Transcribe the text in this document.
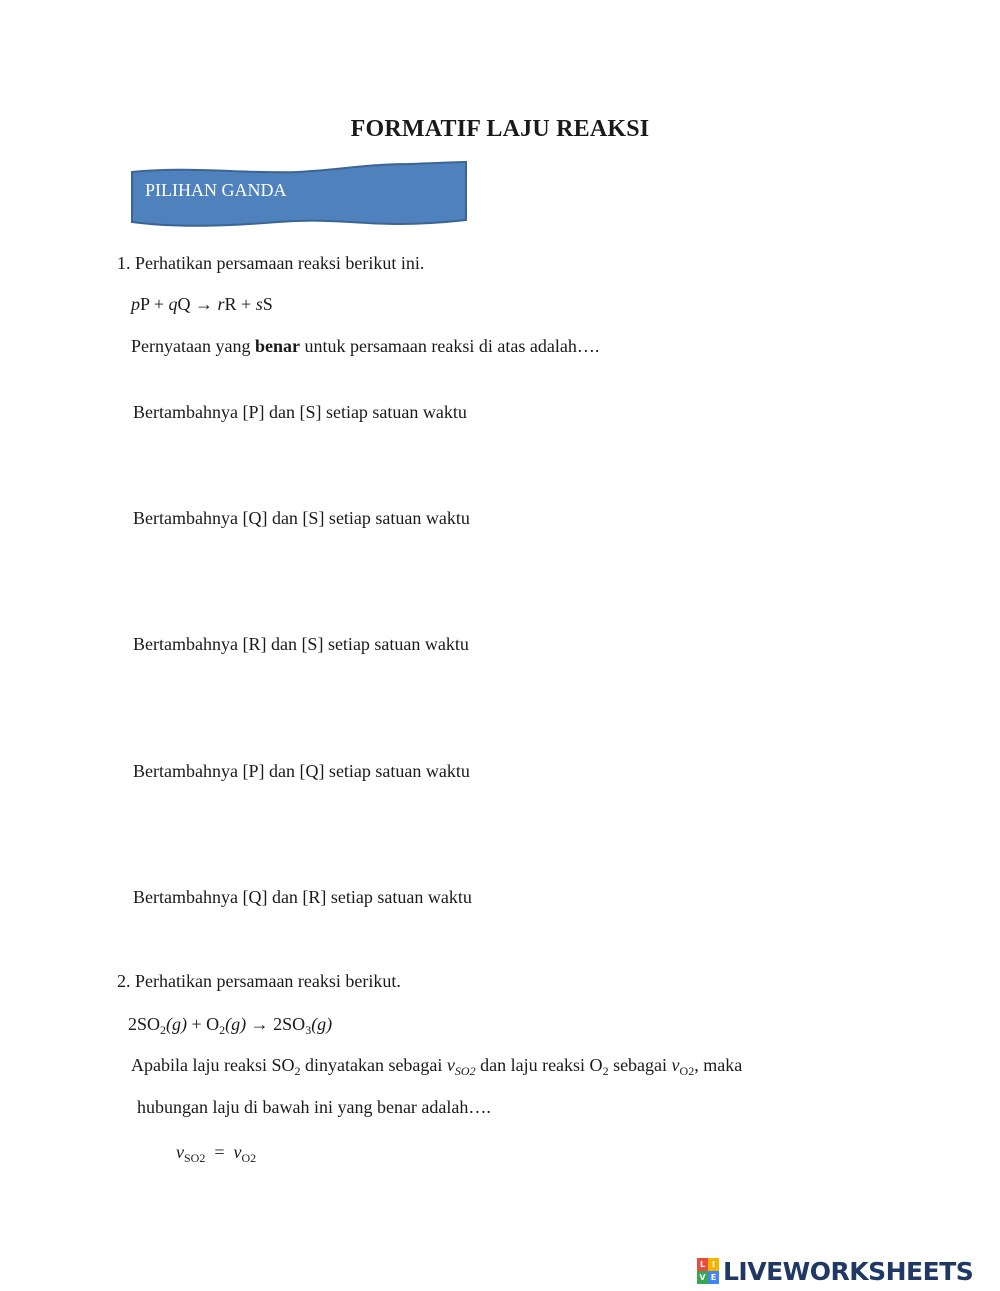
FORMATIF LAJU REAKSI
PILIHAN GANDA
1. Perhatikan persamaan reaksi berikut ini.
pP + qQ → rR + sS
Pernyataan yang benar untuk persamaan reaksi di atas adalah….
Bertambahnya [P] dan [S] setiap satuan waktu
Bertambahnya [Q] dan [S] setiap satuan waktu
Bertambahnya [R] dan [S] setiap satuan waktu
Bertambahnya [P] dan [Q] setiap satuan waktu
Bertambahnya [Q] dan [R] setiap satuan waktu
2. Perhatikan persamaan reaksi berikut.
$2SO_2(g) + O_2(g) \to 2SO_3(g)$
Apabila laju reaksi $SO_2$ dinyatakan sebagai $v_{SO2}$ dan laju reaksi $O_2$ sebagai $v_{O2}$, maka
hubungan laju di bawah ini yang benar adalah….
$v_{SO2} = v_{O2}$
L I
V E LIVEWORKSHEETS
